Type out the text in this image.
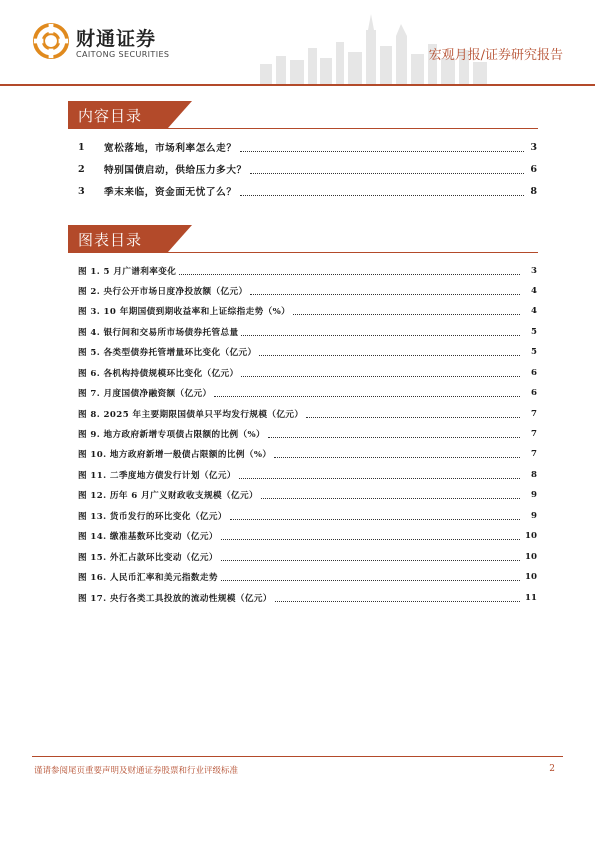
财通证券
CAITONG SECURITIES	宏观月报/证券研究报告
内容目录
1	宽松落地，市场利率怎么走？	3
2	特别国债启动，供给压力多大？	6
3	季末来临，资金面无忧了么？	8
图表目录
图 1. 5 月广谱利率变化	3
图 2. 央行公开市场日度净投放额（亿元）	4
图 3. 10 年期国债到期收益率和上证综指走势（%）	4
图 4. 银行间和交易所市场债券托管总量	5
图 5. 各类型债券托管增量环比变化（亿元）	5
图 6. 各机构持债规模环比变化（亿元）	6
图 7. 月度国债净融资额（亿元）	6
图 8. 2025 年主要期限国债单只平均发行规模（亿元）	7
图 9. 地方政府新增专项债占限额的比例（%）	7
图 10. 地方政府新增一般债占限额的比例（%）	7
图 11. 二季度地方债发行计划（亿元）	8
图 12. 历年 6 月广义财政收支规模（亿元）	9
图 13. 货币发行的环比变化（亿元）	9
图 14. 缴准基数环比变动（亿元）	10
图 15. 外汇占款环比变动（亿元）	10
图 16. 人民币汇率和美元指数走势	10
图 17. 央行各类工具投放的流动性规模（亿元）	11
谨请参阅尾页重要声明及财通证券股票和行业评级标准	2
